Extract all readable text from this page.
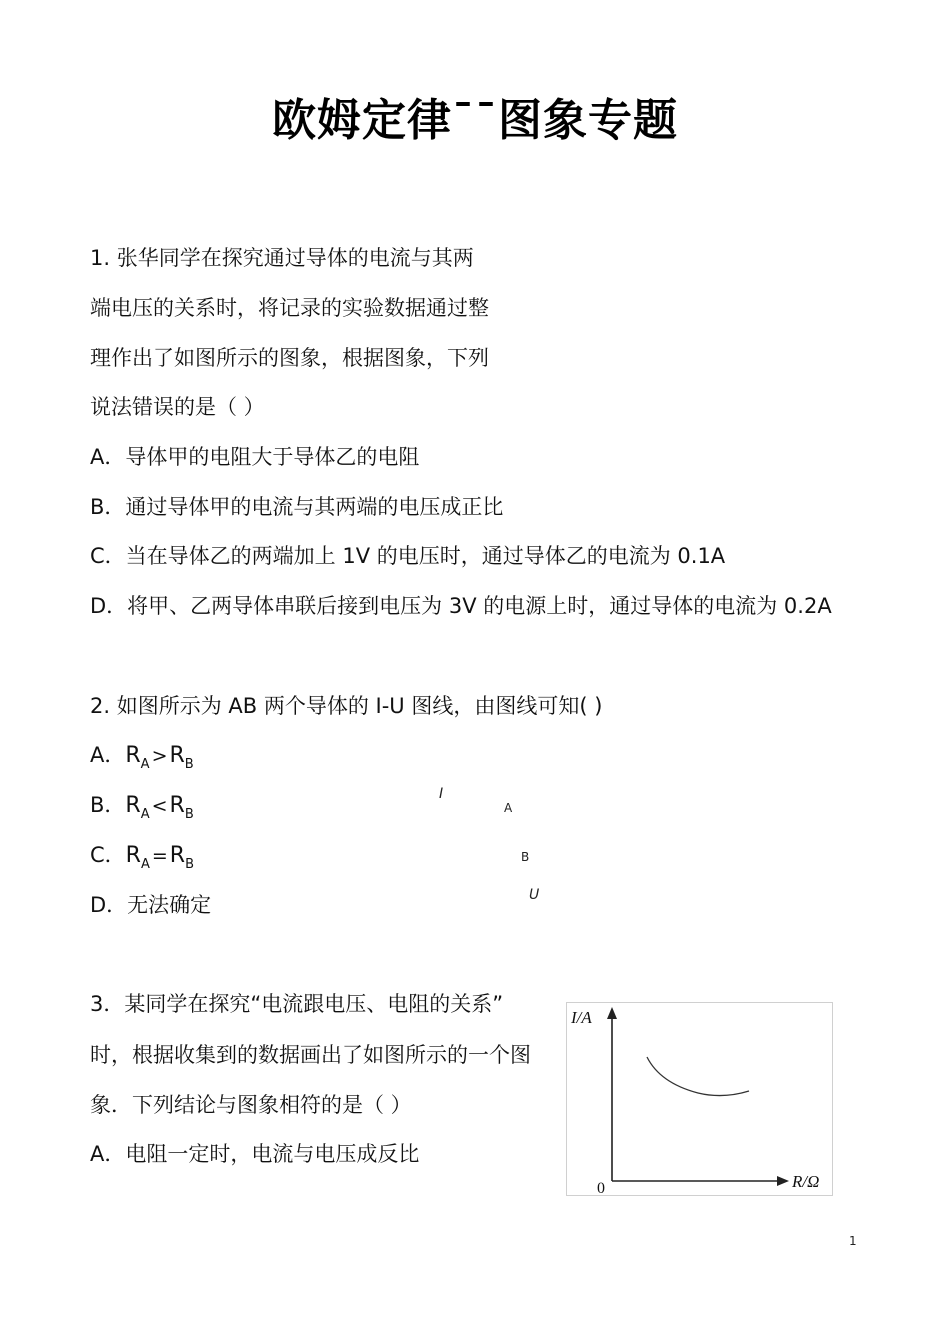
欧姆定律¯¯图象专题
1. 张华同学在探究通过导体的电流与其两
端电压的关系时，将记录的实验数据通过整
理作出了如图所示的图象，根据图象，下列
说法错误的是（ ）
A．导体甲的电阻大于导体乙的电阻
B．通过导体甲的电流与其两端的电压成正比
C．当在导体乙的两端加上 1V 的电压时，通过导体乙的电流为 0.1A
D．将甲、乙两导体串联后接到电压为 3V 的电源上时，通过导体的电流为 0.2A
2. 如图所示为 AB 两个导体的 I-U 图线，由图线可知( )
A．$R_A >R_B$
B．$R_A <R_B$
C．$R_A =R_B$
D．无法确定
I
A
B
U
3．某同学在探究“电流跟电压、电阻的关系”
时，根据收集到的数据画出了如图所示的一个图
象．下列结论与图象相符的是（ ）
A．电阻一定时，电流与电压成反比
I/A
R/Ω
0
1
